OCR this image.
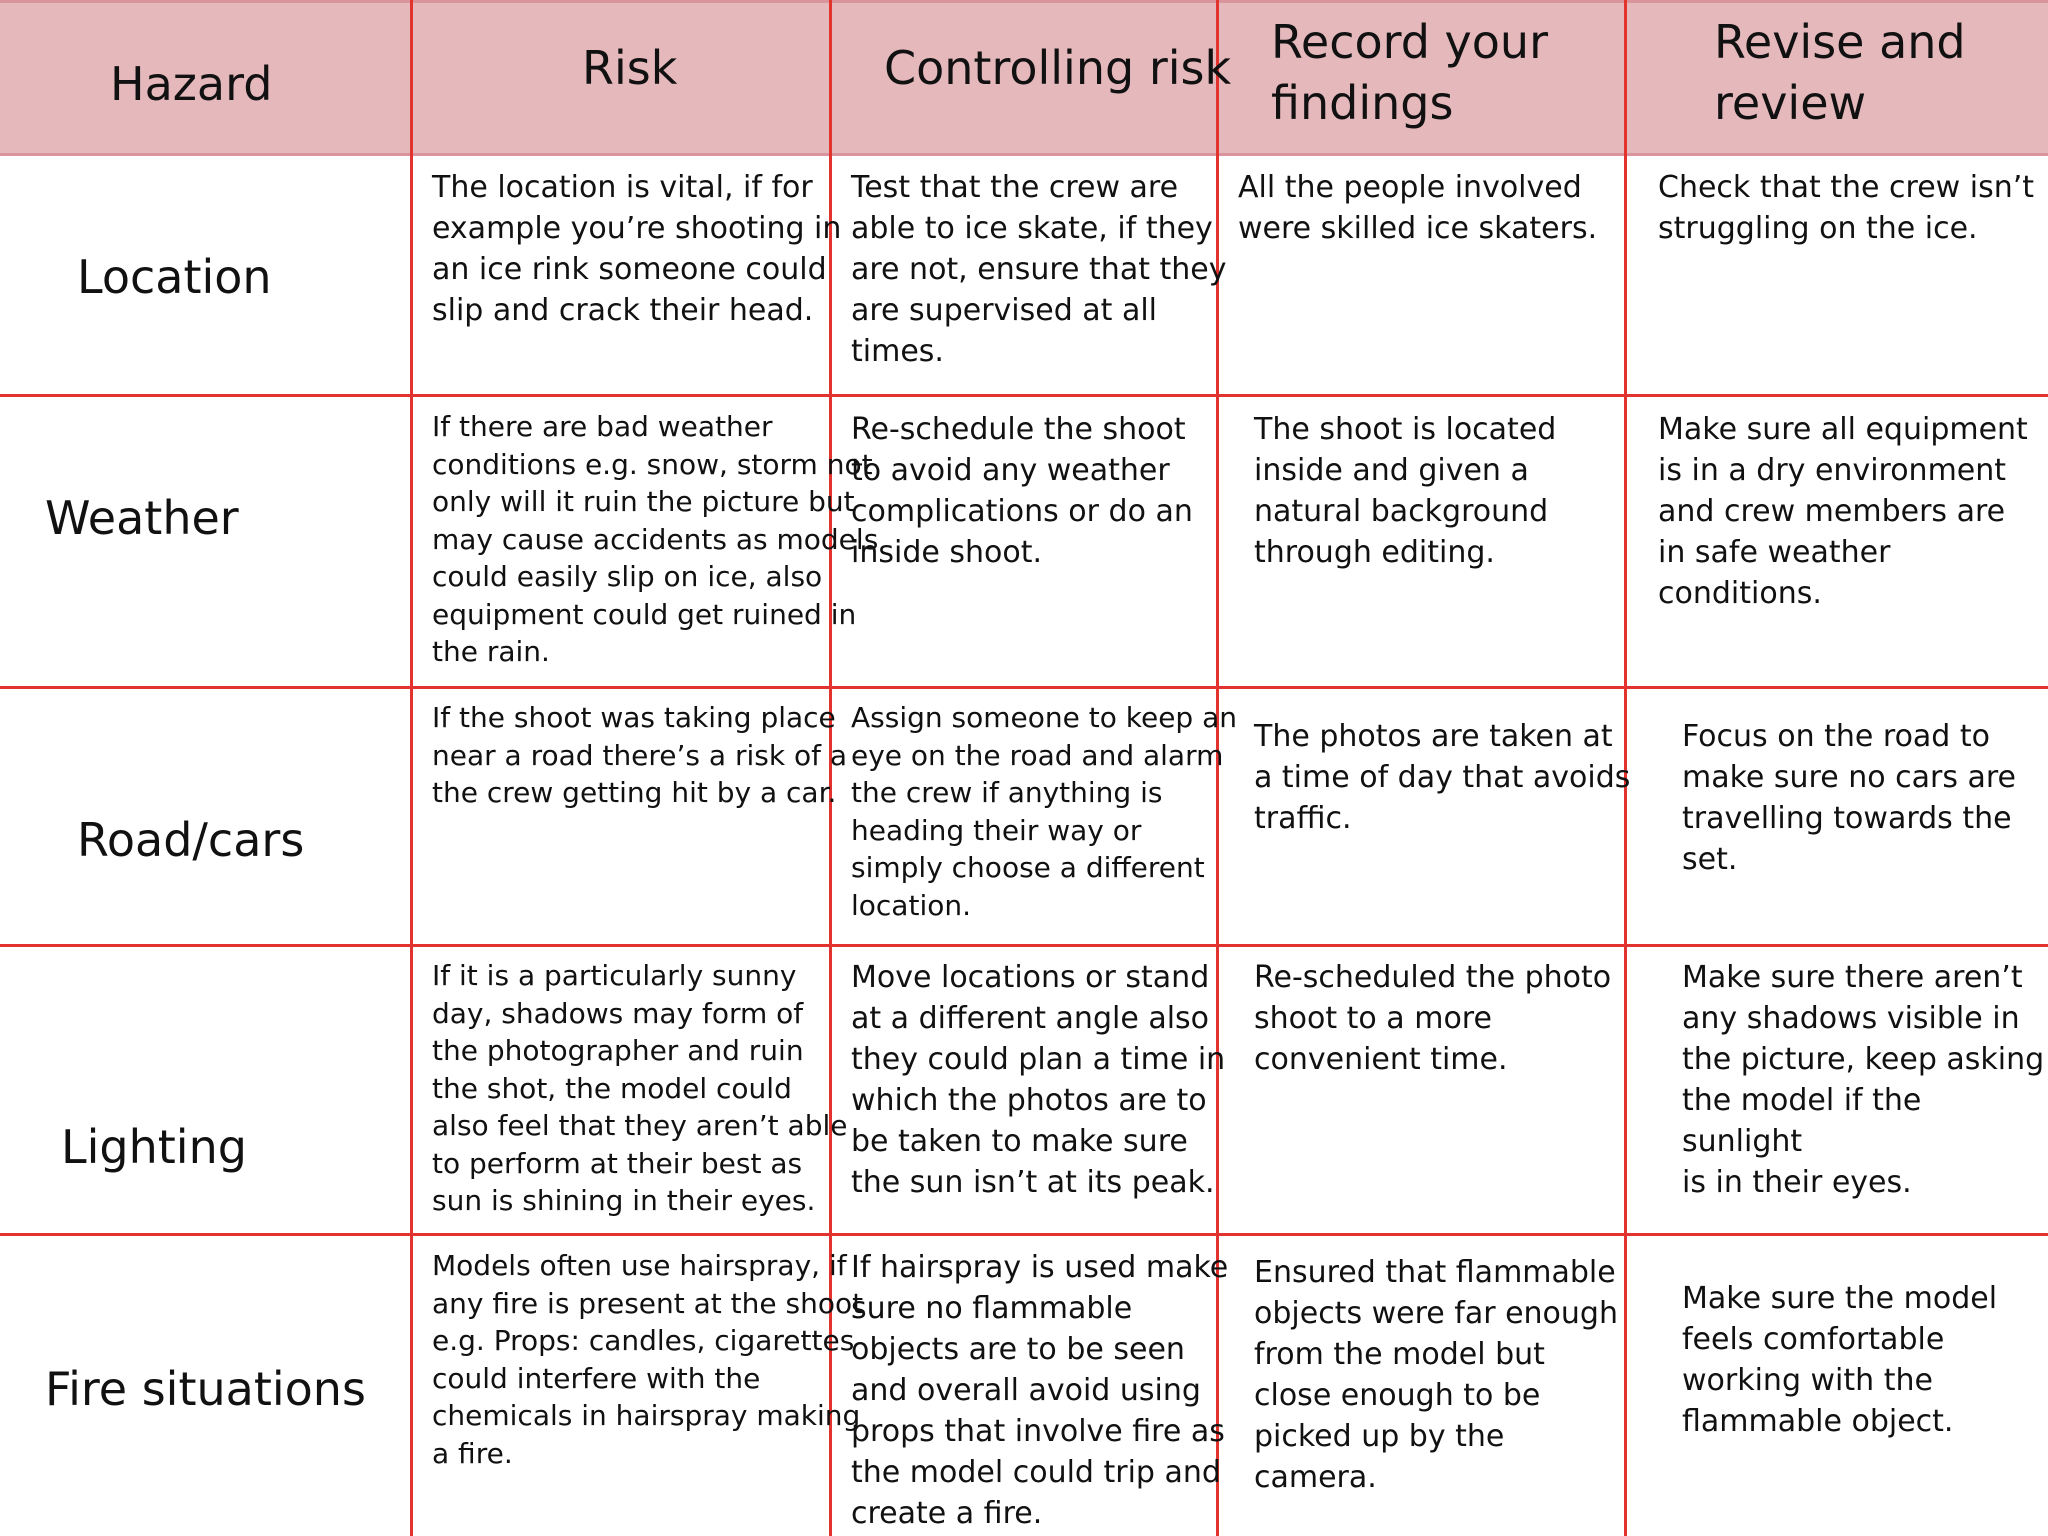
Hazard	Risk	Controlling risk Record your
findings
Revise and
review
Location
The location is vital, if for
example you’re shooting in
an ice rink someone could
slip and crack their head.
Test that the crew are
able to ice skate, if they
are not, ensure that they
are supervised at all
times.
All the people involved
were skilled ice skaters.
Check that the crew isn’t
struggling on the ice.
Weather
If there are bad weather
conditions e.g. snow, storm not
only will it ruin the picture but
may cause accidents as models
could easily slip on ice, also
equipment could get ruined in
the rain.
Re-schedule the shoot
to avoid any weather
complications or do an
inside shoot.
The shoot is located
inside and given a
natural background
through editing.
Make sure all equipment
is in a dry environment
and crew members are
in safe weather
conditions.
Road/cars
If the shoot was taking place
near a road there’s a risk of a
the crew getting hit by a car.
Assign someone to keep an
eye on the road and alarm
the crew if anything is
heading their way or
simply choose a different
location.
The photos are taken at
a time of day that avoids
traffic.
Focus on the road to
make sure no cars are
travelling towards the
set.
Lighting
If it is a particularly sunny
day, shadows may form of
the photographer and ruin
the shot, the model could
also feel that they aren’t able
to perform at their best as
sun is shining in their eyes.
Move locations or stand
at a different angle also
they could plan a time in
which the photos are to
be taken to make sure
the sun isn’t at its peak.
Re-scheduled the photo
shoot to a more
convenient time.
Make sure there aren’t
any shadows visible in
the picture, keep asking
the model if the sunlight
is in their eyes.
Fire situations
Models often use hairspray, if
any fire is present at the shoot
e.g. Props: candles, cigarettes
could interfere with the
chemicals in hairspray making
a fire.
If hairspray is used make
sure no flammable
objects are to be seen
and overall avoid using
props that involve fire as
the model could trip and
create a fire.
Ensured that flammable
objects were far enough
from the model but
close enough to be
picked up by the
camera.
Make sure the model
feels comfortable
working with the
flammable object.
